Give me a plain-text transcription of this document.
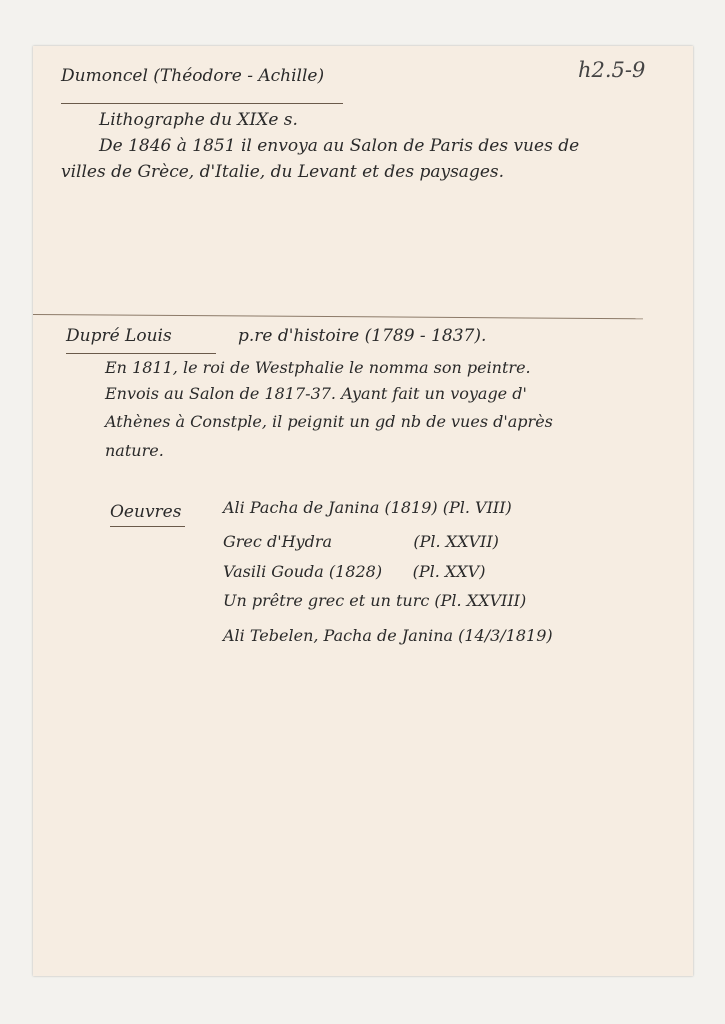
h2.5-9
Dumoncel (Théodore - Achille)
Lithographe du XIXe s.
De 1846 à 1851 il envoya au Salon de Paris des vues de
villes de Grèce, d'Italie, du Levant et des paysages.
Dupré Louis	p.re d'histoire (1789 - 1837).
En 1811, le roi de Westphalie le nomma son peintre.
Envois au Salon de 1817-37. Ayant fait un voyage d'
Athènes à Constple, il peignit un gd nb de vues d'après
nature.
Oeuvres	Ali Pacha de Janina (1819) (Pl. VIII)
Grec d'Hydra                (Pl. XXVII)
Vasili Gouda (1828)      (Pl. XXV)
Un prêtre grec et un turc (Pl. XXVIII)
Ali Tebelen, Pacha de Janina (14/3/1819)
